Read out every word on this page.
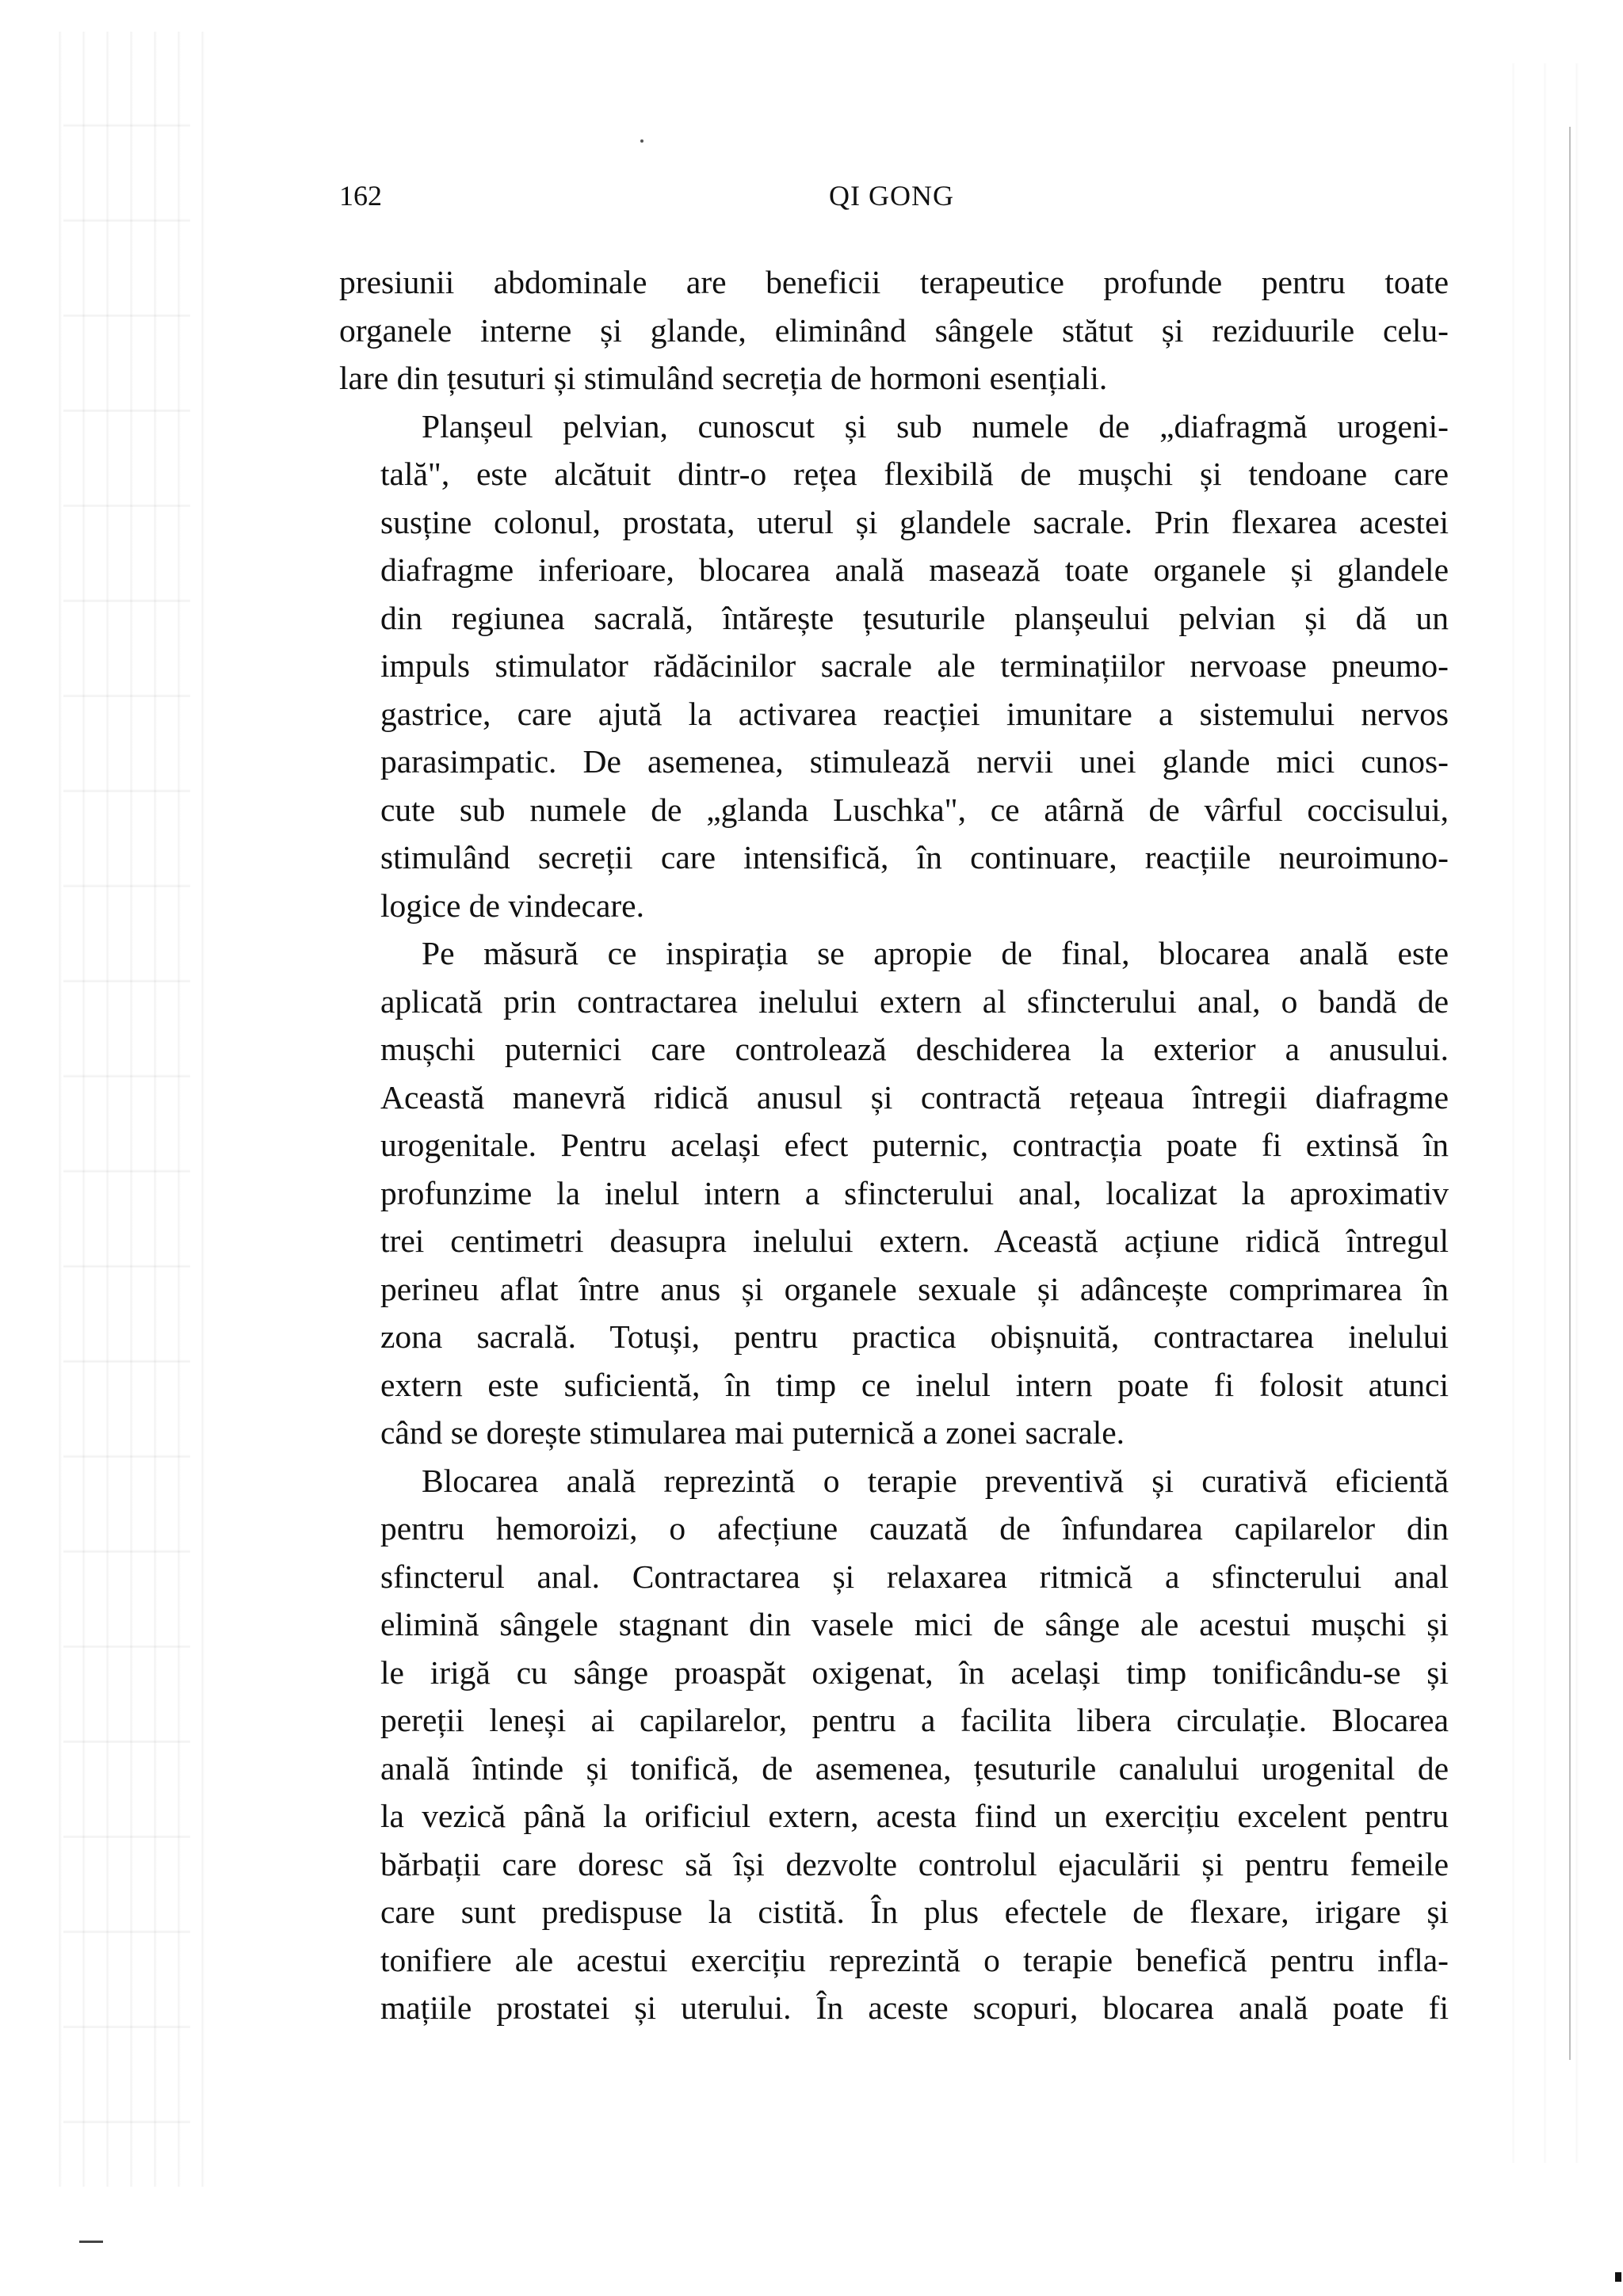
162	QI GONG
presiunii abdominale are beneficii terapeutice profunde pentru toate
organele interne și glande, eliminând sângele stătut și reziduurile celu-
lare din țesuturi și stimulând secreția de hormoni esențiali.
Planșeul pelvian, cunoscut și sub numele de „diafragmă urogeni-
tală", este alcătuit dintr-o rețea flexibilă de mușchi și tendoane care
susține colonul, prostata, uterul și glandele sacrale. Prin flexarea acestei
diafragme inferioare, blocarea anală masează toate organele și glandele
din regiunea sacrală, întărește țesuturile planșeului pelvian și dă un
impuls stimulator rădăcinilor sacrale ale terminațiilor nervoase pneumo-
gastrice, care ajută la activarea reacției imunitare a sistemului nervos
parasimpatic. De asemenea, stimulează nervii unei glande mici cunos-
cute sub numele de „glanda Luschka", ce atârnă de vârful coccisului,
stimulând secreții care intensifică, în continuare, reacțiile neuroimuno-
logice de vindecare.
Pe măsură ce inspirația se apropie de final, blocarea anală este
aplicată prin contractarea inelului extern al sfincterului anal, o bandă de
mușchi puternici care controlează deschiderea la exterior a anusului.
Această manevră ridică anusul și contractă rețeaua întregii diafragme
urogenitale. Pentru același efect puternic, contracția poate fi extinsă în
profunzime la inelul intern a sfincterului anal, localizat la aproximativ
trei centimetri deasupra inelului extern. Această acțiune ridică întregul
perineu aflat între anus și organele sexuale și adâncește comprimarea în
zona sacrală. Totuși, pentru practica obișnuită, contractarea inelului
extern este suficientă, în timp ce inelul intern poate fi folosit atunci
când se dorește stimularea mai puternică a zonei sacrale.
Blocarea anală reprezintă o terapie preventivă și curativă eficientă
pentru hemoroizi, o afecțiune cauzată de înfundarea capilarelor din
sfincterul anal. Contractarea și relaxarea ritmică a sfincterului anal
elimină sângele stagnant din vasele mici de sânge ale acestui mușchi și
le irigă cu sânge proaspăt oxigenat, în același timp tonificându-se și
pereții leneși ai capilarelor, pentru a facilita libera circulație. Blocarea
anală întinde și tonifică, de asemenea, țesuturile canalului urogenital de
la vezică până la orificiul extern, acesta fiind un exercițiu excelent pentru
bărbații care doresc să își dezvolte controlul ejaculării și pentru femeile
care sunt predispuse la cistită. În plus efectele de flexare, irigare și
tonifiere ale acestui exercițiu reprezintă o terapie benefică pentru infla-
mațiile prostatei și uterului. În aceste scopuri, blocarea anală poate fi
